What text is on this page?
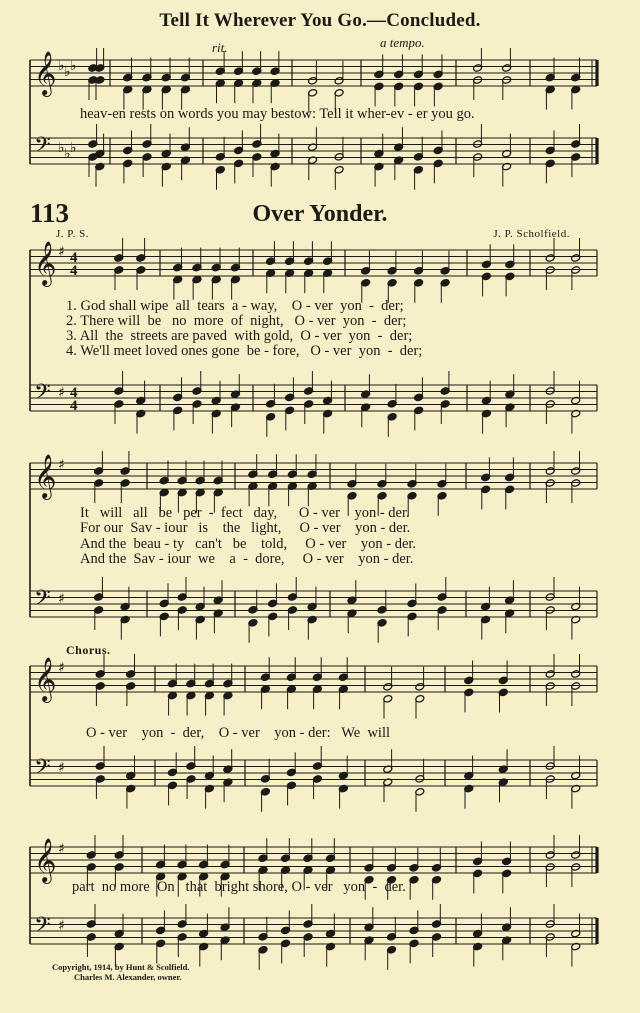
𝄞
𝄢
♭
♭
♭
♭
♭
♭
𝄞
𝄢
♯
♯
4
4
4
4
𝄞
𝄢
♯
♯
𝄞
𝄢
♯
♯
𝄞
𝄢
♯
♯
Tell It Wherever You Go.—Concluded.
rit.	a tempo.
heav-en rests on words you may bestow: Tell it wher-ev - er you go.
113	Over Yonder.
J. P. S.	J. P. Scholfield.
1. God shall wipe  all  tears  a - way,    O - ver  yon  -  der;
2. There will  be   no  more  of  night,   O - ver  yon  -  der;
3. All  the  streets are paved  with gold,  O - ver  yon  -  der;
4. We'll meet loved ones gone  be - fore,   O - ver  yon  -  der;
It   will   all   be   per  -  fect   day,      O - ver    yon - der.
For our  Sav - iour   is    the   light,     O - ver    yon - der.
And the  beau - ty   can't   be    told,     O - ver    yon - der.
And the  Sav - iour  we    a  -  dore,     O - ver    yon - der.
Chorus.
O - ver    yon  -  der,    O - ver    yon - der:   We  will
part  no more  On   that  bright shore, O - ver   yon  -  der.
Copyright, 1914, by Hunt & Scolfield.
Charles M. Alexander, owner.
